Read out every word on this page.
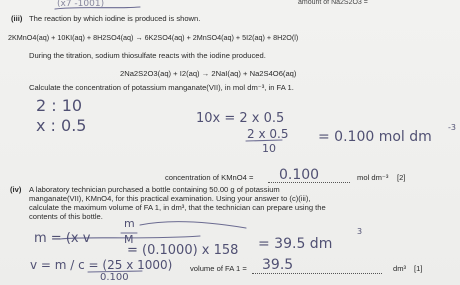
amount of Na2S2O3 =
(x7 -1001)
(iii) The reaction by which iodine is produced is shown.
2KMnO4(aq) + 10KI(aq) + 8H2SO4(aq) → 6K2SO4(aq) + 2MnSO4(aq) + 5I2(aq) + 8H2O(l)
During the titration, sodium thiosulfate reacts with the iodine produced.
2Na2S2O3(aq) + I2(aq) → 2NaI(aq) + Na2S4O6(aq)
Calculate the concentration of potassium manganate(VII), in mol dm⁻³, in FA 1.
2 : 10
x : 0.5	10x = 2 x 0.5
2 x 0.5
10
= 0.100 mol dm
-3
concentration of KMnO4 = 0.100	mol dm⁻³ [2]
(iv) A laboratory technician purchased a bottle containing 50.00 g of potassium
manganate(VII), KMnO4, for this practical examination. Using your answer to (c)(iii),
calculate the maximum volume of FA 1, in dm³, that the technician can prepare using the
contents of this bottle.
m = (x v
m
M
= (0.1000) x 158 = 39.5 dm
3
v = m / c = (25 x 1000)
0.100
volume of FA 1 = 39.5	dm³ [1]
